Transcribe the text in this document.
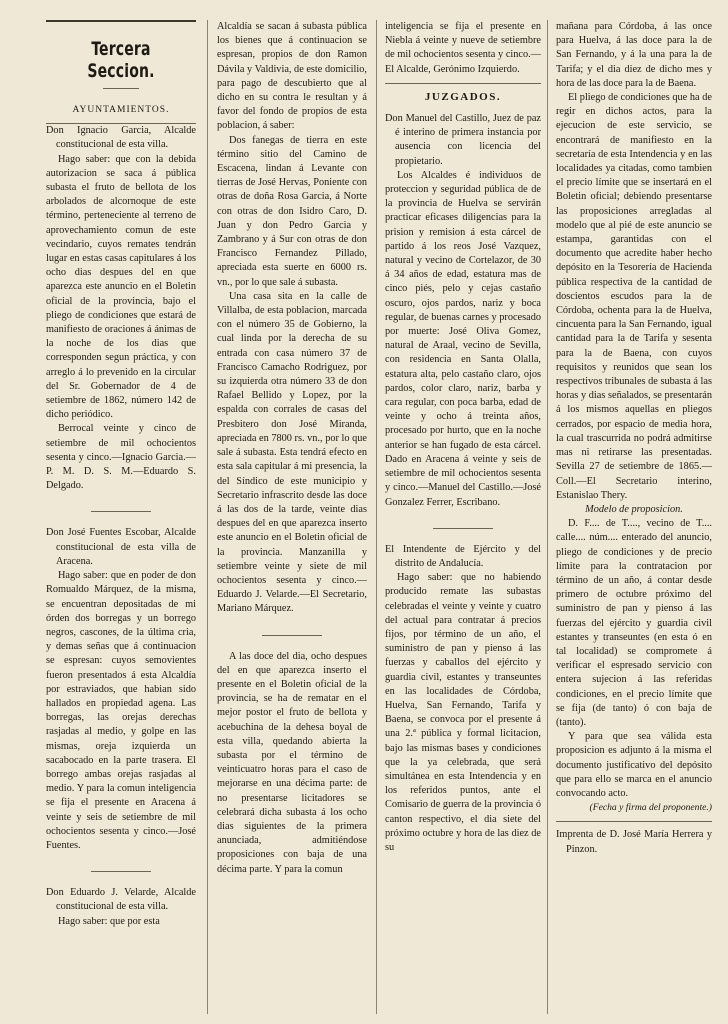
Tercera Seccion.
AYUNTAMIENTOS.

Don Ignacio Garcia, Alcalde constitucional de esta villa.

Hago saber: que con la debida autorizacion se saca á pública subasta el fruto de bellota de los arbolados de alcornoque de este término, perteneciente al terreno de aprovechamiento comun de este vecindario, cuyos remates tendrán lugar en estas casas capitulares á los ocho dias despues del en que aparezca este anuncio en el Boletin oficial de la provincia, bajo el pliego de condiciones que estará de manifiesto de oraciones á ánimas de la noche de los dias que corresponden segun práctica, y con arreglo á lo prevenido en la circular del Sr. Gobernador de 4 de setiembre de 1862, número 142 de dicho periódico.

Berrocal veinte y cinco de setiembre de mil ochocientos sesenta y cinco.—Ignacio Garcia.—P. M. D. S. M.—Eduardo S. Delgado.

Don José Fuentes Escobar, Alcalde constitucional de esta villa de Aracena.

Hago saber: que en poder de don Romualdo Márquez, de la misma, se encuentran depositadas de mi órden dos borregas y un borrego negros, cascones, de la última cria, y demas señas que á continuacion se espresan: cuyos semovientes fueron presentados á esta Alcaldía por estraviados, que habian sido hallados en propiedad agena. Las borregas, las orejas derechas rasjadas al medio, y golpe en las mismas, oreja izquierda un sacabocado en la parte trasera. El borrego ambas orejas rasjadas al medio. Y para la comun inteligencia se fija el presente en Aracena á veinte y seis de setiembre de mil ochocientos sesenta y cinco.—José Fuentes.

Don Eduardo J. Velarde, Alcalde constitucional de esta villa.

Hago saber: que por esta

Alcaldía se sacan á subasta pública los bienes que á continuacion se espresan, propios de don Ramon Dávila y Valdivia, de este domicilio, para pago de descubierto que al dicho en su contra le resultan y á favor del fondo de propios de esta poblacion, á saber:

Dos fanegas de tierra en este término sitio del Camino de Escacena, lindan á Levante con tierras de José Hervas, Poniente con otras de doña Rosa Garcia, á Norte con otras de don Isidro Caro, D. Juan y don Pedro Garcia y Zambrano y á Sur con otras de don Francisco Fernandez Pillado, apreciada esta suerte en 6000 rs. vn., por lo que sale á subasta.

Una casa sita en la calle de Villalba, de esta poblacion, marcada con el número 35 de Gobierno, la cual linda por la derecha de su entrada con casa número 37 de Francisco Camacho Rodriguez, por su izquierda otra número 33 de don Rafael Bellido y Lopez, por la espalda con corrales de casas del Presbitero don José Miranda, apreciada en 7800 rs. vn., por lo que sale á subasta. Esta tendrá efecto en esta sala capitular á mi presencia, la del Síndico de este municipio y Secretario infrascrito desde las doce á las dos de la tarde, veinte dias despues del en que aparezca inserto este anuncio en el Boletin oficial de la provincia. Manzanilla y setiembre veinte y siete de mil ochocientos sesenta y cinco.—Eduardo J. Velarde.—El Secretario, Mariano Márquez.

A las doce del dia, ocho despues del en que aparezca inserto el presente en el Boletin oficial de la provincia, se ha de rematar en el mejor postor el fruto de bellota y acebuchina de la dehesa boyal de esta villa, quedando abierta la subasta por el término de veinticuatro horas para el caso de mejorarse en una décima parte: de no presentarse licitadores se celebrará dicha subasta á los ocho dias siguientes de la primera anunciada, admitiéndose proposiciones con baja de una décima parte. Y para la comun

inteligencia se fija el presente en Niebla á veinte y nueve de setiembre de mil ochocientos sesenta y cinco.—El Alcalde, Gerónimo Izquierdo.

JUZGADOS.

Don Manuel del Castillo, Juez de paz é interino de primera instancia por ausencia con licencia del propietario.

Los Alcaldes é individuos de proteccion y seguridad pública de de la provincia de Huelva se servirán practicar eficases diligencias para la prision y remision á esta cárcel de partido á los reos José Vazquez, natural y vecino de Cortelazor, de 30 á 34 años de edad, estatura mas de cinco piés, pelo y cejas castaño oscuro, ojos pardos, nariz y boca regular, de buenas carnes y procesado por muerte: José Oliva Gomez, natural de Araal, vecino de Sevilla, con residencia en Santa Olalla, estatura alta, pelo castaño claro, ojos pardos, color claro, nariz, barba y cara regular, con poca barba, edad de veinte y ocho á treinta años, procesado por hurto, que en la noche anterior se han fugado de esta cárcel. Dado en Aracena á veinte y seis de setiembre de mil ochocientos sesenta y cinco.—Manuel del Castillo.—José Gonzalez Ferrer, Escribano.

El Intendente de Ejército y del distrito de Andalucía.

Hago saber: que no habiendo producido remate las subastas celebradas el veinte y veinte y cuatro del actual para contratar á precios fijos, por término de un año, el suministro de pan y pienso á las fuerzas y caballos del ejército y guardia civil, estantes y transeuntes en las localidades de Córdoba, Huelva, San Fernando, Tarifa y Baena, se convoca por el presente á una 2.ª pública y formal licitacion, bajo las mismas bases y condiciones que la ya celebrada, que será simultánea en esta Intendencia y en los referidos puntos, ante el Comisario de guerra de la provincia ó canton respectivo, el dia siete del próximo octubre y hora de las diez de su

mañana para Córdoba, á las once para Huelva, á las doce para la de San Fernando, y á la una para la de Tarifa; y el dia diez de dicho mes y hora de las doce para la de Baena.

El pliego de condiciones que ha de regir en dichos actos, para la ejecucion de este servicio, se encontrará de manifiesto en la secretaría de esta Intendencia y en las localidades ya citadas, como tambien el precio límite que se insertará en el Boletin oficial; debiendo presentarse las proposiciones arregladas al modelo que al pié de este anuncio se estampa, garantidas con el documento que acredite haber hecho depósito en la Tesorería de Hacienda pública respectiva de la cantidad de doscientos escudos para la de Córdoba, ochenta para la de Huelva, cincuenta para la San Fernando, igual cantidad para la de Tarifa y sesenta para la de Baena, con cuyos requisitos y reunidos que sean los respectivos tribunales de subasta á las horas y dias señalados, se presentarán á los mismos aquellas en pliegos cerrados, por espacio de media hora, la cual trascurrida no podrá admitirse mas ni retirarse las presentadas. Sevilla 27 de setiembre de 1865.—Coll.—El Secretario interino, Estanislao Thery.

Modelo de proposicion.

D. F.... de T...., vecino de T.... calle.... núm.... enterado del anuncio, pliego de condiciones y de precio límite para la contratacion por término de un año, á contar desde primero de octubre próximo del suministro de pan y pienso á las fuerzas del ejército y guardia civil estantes y transeuntes (en esta ó en tal localidad) se compromete á verificar el espresado servicio con entera sujecion á las referidas condiciones, en el precio límite que se fija (de tanto) ó con baja de (tanto).

Y para que sea válida esta proposicion es adjunto á la misma el documento justificativo del depósito que para ello se marca en el anuncio convocando acto.

(Fecha y firma del proponente.)

Imprenta de D. José María Herrera y Pinzon.
